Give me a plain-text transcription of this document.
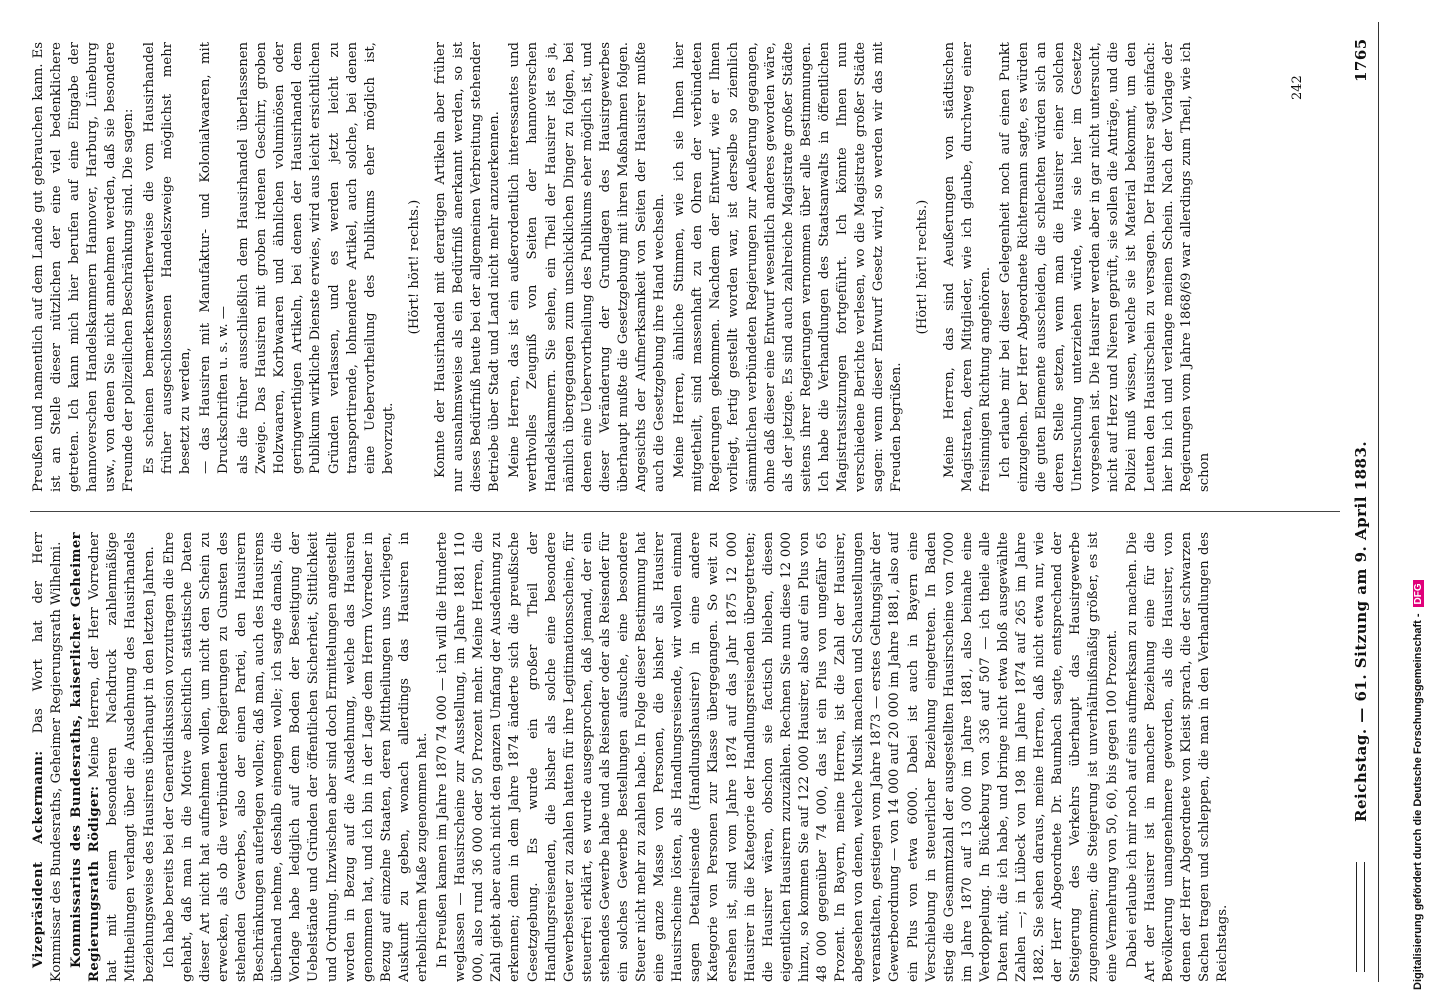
Reichstag. — 61. Sitzung am 9. April 1883.
1765

Vizepräsident Ackermann: Das Wort hat der Herr Kommissar des Bundesraths, Geheimer Regierungsrath Wilhelmi. Kommissarius des Bundesraths, kaiserlicher Geheimer Regierungsrath Rödiger: Meine Herren, der Herr Vorredner hat mit einem besonderen Nachdruck zahlenmäßige Mittheilungen verlangt über die Ausdehnung des Hausirhandels beziehungsweise des Hausirens überhaupt in den letzten Jahren. Ich habe bereits bei der Generaldiskussion vorzutragen die Ehre gehabt, daß man in die Motive absichtlich statistische Daten dieser Art nicht hat aufnehmen wollen, um nicht den Schein zu erwecken, als ob die verbündeten Regierungen zu Gunsten des stehenden Gewerbes, also der einen Partei, den Hausirern Beschränkungen auferlegen wollen; daß man, auch des Hausirens überhand nehme, deshalb einengen wolle; ich sagte damals, die Vorlage habe lediglich auf dem Boden der Beseitigung der Uebelstände und Gründen der öffentlichen Sicherheit, Sittlichkeit und Ordnung. Inzwischen aber sind doch Ermittelungen angestellt worden in Bezug auf die Ausdehnung, welche das Hausiren genommen hat, und ich bin in der Lage dem Herrn Vorredner in Bezug auf einzelne Staaten, deren Mittheilungen uns vorliegen, Auskunft zu geben, wonach allerdings das Hausiren in erheblichem Maße zugenommen hat. In Preußen kamen im Jahre 1870 74 000 — ich will die Hunderte weglassen — Hausirscheine zur Ausstellung, im Jahre 1881 110 000, also rund 36 000 oder 50 Prozent mehr. Meine Herren, die Zahl giebt aber auch nicht den ganzen Umfang der Ausdehnung zu erkennen; denn in dem Jahre 1874 änderte sich die preußische Gesetzgebung. Es wurde ein großer Theil der Handlungsreisenden, die bisher als solche eine besondere Gewerbesteuer zu zahlen hatten für ihre Legitimationsscheine, für steuerfrei erklärt, es wurde ausgesprochen, daß jemand, der ein stehendes Gewerbe habe und als Reisender oder als Reisender für ein solches Gewerbe Bestellungen aufsuche, eine besondere Steuer nicht mehr zu zahlen habe. In Folge dieser Bestimmung hat eine ganze Masse von Personen, die bisher als Hausirer Hausirscheine lösten, als Handlungsreisende, wir wollen einmal sagen Detailreisende (Handlungshausirer) in eine andere Kategorie von Personen zur Klasse übergegangen. So weit zu ersehen ist, sind vom Jahre 1874 auf das Jahr 1875 12 000 Hausirer in die Kategorie der Handlungsreisenden übergetreten; die Hausirer wären, obschon sie factisch blieben, diesen eigentlichen Hausirern zuzuzählen. Rechnen Sie nun diese 12 000 hinzu, so kommen Sie auf 122 000 Hausirer, also auf ein Plus von 48 000 gegenüber 74 000, das ist ein Plus von ungefähr 65 Prozent. In Bayern, meine Herren, ist die Zahl der Hausirer, abgesehen von denen, welche Musik machen und Schaustellungen veranstalten, gestiegen vom Jahre 1873 — erstes Geltungsjahr der Gewerbeordnung — von 14 000 auf 20 000 im Jahre 1881, also auf ein Plus von etwa 6000. Dabei ist auch in Bayern eine Verschiebung in steuerlicher Beziehung eingetreten. In Baden stieg die Gesammtzahl der ausgestellten Hausirscheine von 7000 im Jahre 1870 auf 13 000 im Jahre 1881, also beinahe eine Verdoppelung. In Bückeburg von 336 auf 507 — ich theile alle Daten mit, die ich habe, und bringe nicht etwa bloß ausgewählte Zahlen —; in Lübeck von 198 im Jahre 1874 auf 265 im Jahre 1882. Sie sehen daraus, meine Herren, daß nicht etwa nur, wie der Herr Abgeordnete Dr. Baumbach sagte, entsprechend der Steigerung des Verkehrs überhaupt das Hausirgewerbe zugenommen; die Steigerung ist unverhältnißmäßig größer, es ist eine Vermehrung von 50, 60, bis gegen 100 Prozent. Dabei erlaube ich mir noch auf eins aufmerksam zu machen. Die Art der Hausirer ist in mancher Beziehung eine für die Bevölkerung unangenehmere geworden, als die Hausirer, von denen der Herr Abgeordnete von Kleist sprach, die der schwarzen Sachen tragen und schleppen, die man in den Verhandlungen des Reichstags.

Preußen und namentlich auf dem Lande gut gebrauchen kann. Es ist an Stelle dieser nützlichen der eine viel bedenklichere getreten. Ich kann mich hier berufen auf eine Eingabe der hannoverschen Handelskammern Hannover, Harburg, Lüneburg usw., von denen Sie nicht annehmen werden, daß sie besondere Freunde der polizeilichen Beschränkung sind. Die sagen: Es scheinen bemerkenswertherweise die vom Hausirhandel früher ausgeschlossenen Handelszweige möglichst mehr besetzt zu werden, — das Hausiren mit Manufaktur- und Kolonialwaaren, mit Druckschriften u. s. w. — als die früher ausschließlich dem Hausirhandel überlassenen Zweige. Das Hausiren mit groben irdenen Geschirr, groben Holzwaaren, Korbwaaren und ähnlichen voluminösen oder geringwerthigen Artikeln, bei denen der Hausirhandel dem Publikum wirkliche Dienste erwies, wird aus leicht ersichtlichen Gründen verlassen, und es werden jetzt leicht zu transportirende, lohnendere Artikel, auch solche, bei denen eine Uebervortheilung des Publikums eher möglich ist, bevorzugt.

(Hört! hört! rechts.) Konnte der Hausirhandel mit derartigen Artikeln aber früher nur ausnahmsweise als ein Bedürfniß anerkannt werden, so ist dieses Bedürfniß heute bei der allgemeinen Verbreitung stehender Betriebe über Stadt und Land nicht mehr anzuerkennen. Meine Herren, das ist ein außerordentlich interessantes und werthvolles Zeugniß von Seiten der hannoverschen Handelskammern. Sie sehen, ein Theil der Hausirer ist es ja, nämlich übergegangen zum unschicklichen Dinger zu folgen, bei denen eine Uebervortheilung des Publikums eher möglich ist, und dieser Veränderung der Grundlagen des Hausirgewerbes überhaupt mußte die Gesetzgebung mit ihren Maßnahmen folgen. Angesichts der Aufmerksamkeit von Seiten der Hausirer mußte auch die Gesetzgebung ihre Hand wechseln. Meine Herren, ähnliche Stimmen, wie ich sie Ihnen hier mitgetheilt, sind massenhaft zu den Ohren der verbündeten Regierungen gekommen. Nachdem der Entwurf, wie er Ihnen vorliegt, fertig gestellt worden war, ist derselbe so ziemlich sämmtlichen verbündeten Regierungen zur Aeußerung gegangen, ohne daß dieser eine Entwurf wesentlich anderes geworden wäre, als der jetzige. Es sind auch zahlreiche Magistrate großer Städte seitens ihrer Regierungen vernommen über alle Bestimmungen. Ich habe die Verhandlungen des Staatsanwalts in öffentlichen Magistratssitzungen fortgeführt. Ich könnte Ihnen nun verschiedene Berichte verlesen, wo die Magistrate großer Städte sagen: wenn dieser Entwurf Gesetz wird, so werden wir das mit Freuden begrüßen.

(Hört! hört! rechts.) Meine Herren, das sind Aeußerungen von städtischen Magistraten, deren Mitglieder, wie ich glaube, durchweg einer freisinnigen Richtung angehören. Ich erlaube mir bei dieser Gelegenheit noch auf einen Punkt einzugehen. Der Herr Abgeordnete Richtermann sagte, es würden die guten Elemente ausscheiden, die schlechten würden sich an deren Stelle setzen, wenn man die Hausirer einer solchen Untersuchung unterziehen würde, wie sie hier im Gesetze vorgesehen ist. Die Hausirer werden aber in gar nicht untersucht, nicht auf Herz und Nieren geprüft, sie sollen die Anträge, und die Polizei muß wissen, welche sie ist Material bekommt, um den Leuten den Hausirschein zu versagen. Der Hausirer sagt einfach: hier bin ich und verlange meinen Schein. Nach der Vorlage der Regierungen vom Jahre 1868/69 war allerdings zum Theil, wie ich schon

242
Digitalisierung gefördert durch die Deutsche Forschungsgemeinschaft -DFG
